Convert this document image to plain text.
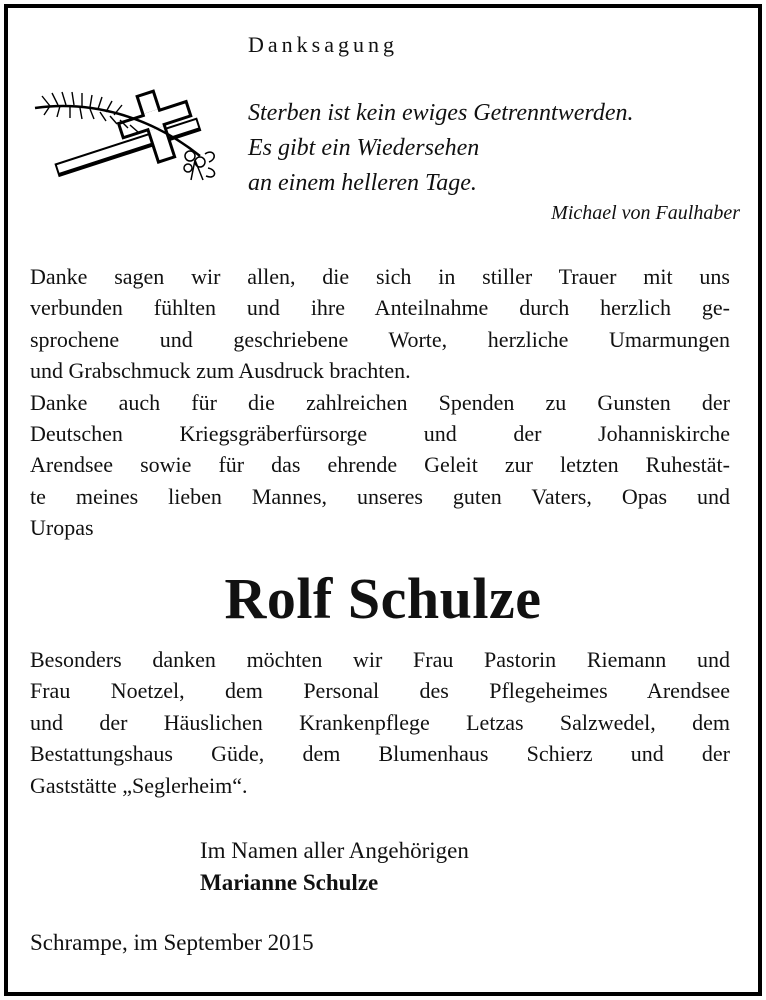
Danksagung
Sterben ist kein ewiges Getrenntwerden.
Es gibt ein Wiedersehen
an einem helleren Tage.
Michael von Faulhaber
Danke sagen wir allen, die sich in stiller Trauer mit uns
verbunden fühlten und ihre Anteilnahme durch herzlich ge-
sprochene und geschriebene Worte, herzliche Umarmungen
und Grabschmuck zum Ausdruck brachten.
Danke auch für die zahlreichen Spenden zu Gunsten der
Deutschen Kriegsgräberfürsorge und der Johanniskirche
Arendsee sowie für das ehrende Geleit zur letzten Ruhestät-
te meines lieben Mannes, unseres guten Vaters, Opas und
Uropas
Rolf Schulze
Besonders danken möchten wir Frau Pastorin Riemann und
Frau Noetzel, dem Personal des Pflegeheimes Arendsee
und der Häuslichen Krankenpflege Letzas Salzwedel, dem
Bestattungshaus Güde, dem Blumenhaus Schierz und der
Gaststätte „Seglerheim“.
Im Namen aller Angehörigen
Marianne Schulze
Schrampe, im September 2015
